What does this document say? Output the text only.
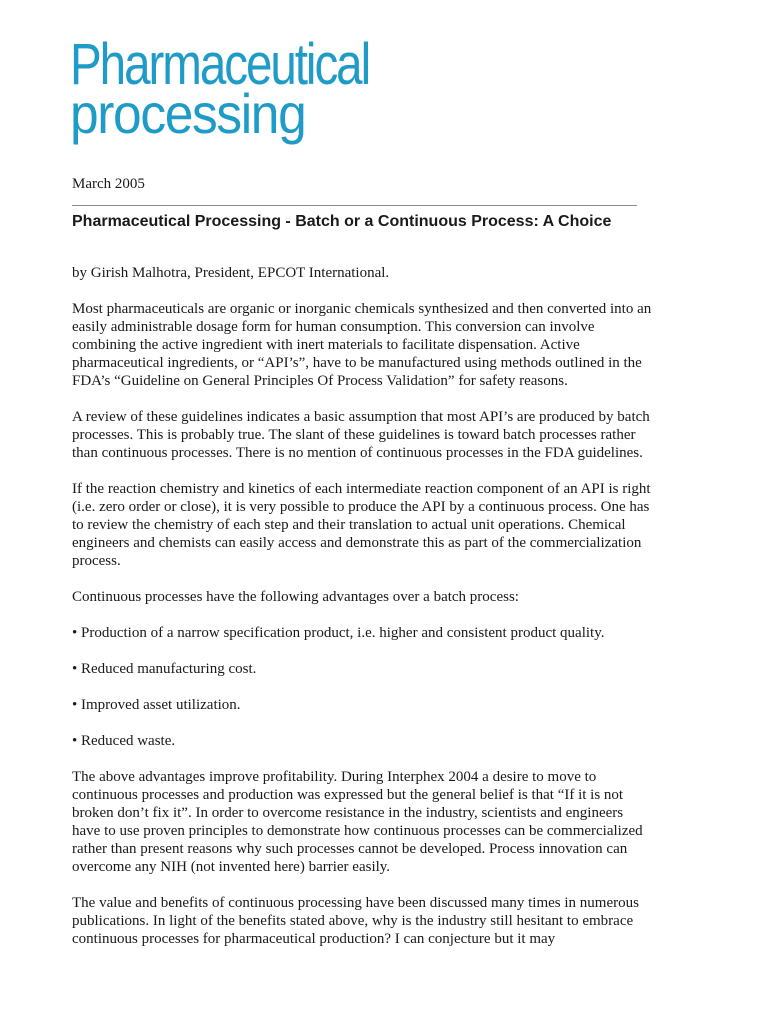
Pharmaceutical
processing
March 2005
Pharmaceutical Processing - Batch or a Continuous Process: A Choice

by Girish Malhotra, President, EPCOT International.

Most pharmaceuticals are organic or inorganic chemicals synthesized and then converted into an easily administrable dosage form for human consumption. This conversion can involve combining the active ingredient with inert materials to facilitate dispensation. Active pharmaceutical ingredients, or “API’s”, have to be manufactured using methods outlined in the FDA’s “Guideline on General Principles Of Process Validation” for safety reasons.

A review of these guidelines indicates a basic assumption that most API’s are produced by batch processes. This is probably true. The slant of these guidelines is toward batch processes rather than continuous processes. There is no mention of continuous processes in the FDA guidelines.

If the reaction chemistry and kinetics of each intermediate reaction component of an API is right (i.e. zero order or close), it is very possible to produce the API by a continuous process. One has to review the chemistry of each step and their translation to actual unit operations. Chemical engineers and chemists can easily access and demonstrate this as part of the commercialization process.

Continuous processes have the following advantages over a batch process:

• Production of a narrow specification product, i.e. higher and consistent product quality.

• Reduced manufacturing cost.

• Improved asset utilization.

• Reduced waste.

The above advantages improve profitability. During Interphex 2004 a desire to move to continuous processes and production was expressed but the general belief is that “If it is not broken don’t fix it”. In order to overcome resistance in the industry, scientists and engineers have to use proven principles to demonstrate how continuous processes can be commercialized rather than present reasons why such processes cannot be developed. Process innovation can overcome any NIH (not invented here) barrier easily.

The value and benefits of continuous processing have been discussed many times in numerous publications. In light of the benefits stated above, why is the industry still hesitant to embrace continuous processes for pharmaceutical production? I can conjecture but it may
